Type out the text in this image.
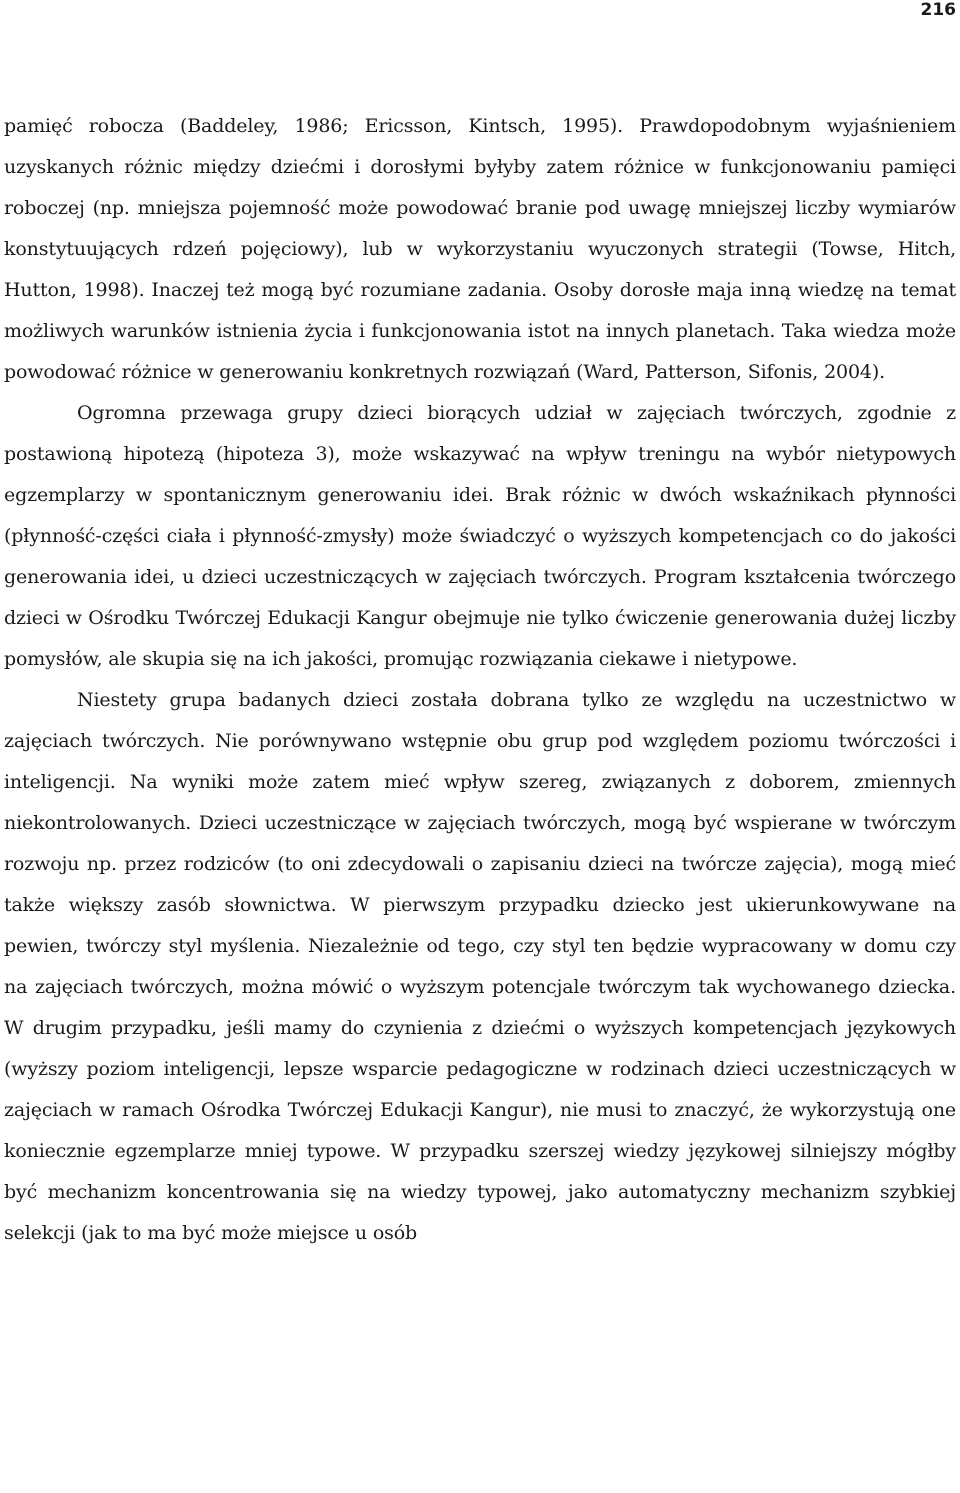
216

pamięć robocza (Baddeley, 1986; Ericsson, Kintsch, 1995). Prawdopodobnym wyjaśnieniem uzyskanych różnic między dziećmi i dorosłymi byłyby zatem różnice w funkcjonowaniu pamięci roboczej (np. mniejsza pojemność może powodować branie pod uwagę mniejszej liczby wymiarów konstytuujących rdzeń pojęciowy), lub w wykorzystaniu wyuczonych strategii (Towse, Hitch, Hutton, 1998). Inaczej też mogą być rozumiane zadania. Osoby dorosłe maja inną wiedzę na temat możliwych warunków istnienia życia i funkcjonowania istot na innych planetach. Taka wiedza może powodować różnice w generowaniu konkretnych rozwiązań (Ward, Patterson, Sifonis, 2004).

Ogromna przewaga grupy dzieci biorących udział w zajęciach twórczych, zgodnie z postawioną hipotezą (hipoteza 3), może wskazywać na wpływ treningu na wybór nietypowych egzemplarzy w spontanicznym generowaniu idei. Brak różnic w dwóch wskaźnikach płynności (płynność-części ciała i płynność-zmysły) może świadczyć o wyższych kompetencjach co do jakości generowania idei, u dzieci uczestniczących w zajęciach twórczych. Program kształcenia twórczego dzieci w Ośrodku Twórczej Edukacji Kangur obejmuje nie tylko ćwiczenie generowania dużej liczby pomysłów, ale skupia się na ich jakości, promując rozwiązania ciekawe i nietypowe.

Niestety grupa badanych dzieci została dobrana tylko ze względu na uczestnictwo w zajęciach twórczych. Nie porównywano wstępnie obu grup pod względem poziomu twórczości i inteligencji. Na wyniki może zatem mieć wpływ szereg, związanych z doborem, zmiennych niekontrolowanych. Dzieci uczestniczące w zajęciach twórczych, mogą być wspierane w twórczym rozwoju np. przez rodziców (to oni zdecydowali o zapisaniu dzieci na twórcze zajęcia), mogą mieć także większy zasób słownictwa. W pierwszym przypadku dziecko jest ukierunkowywane na pewien, twórczy styl myślenia. Niezależnie od tego, czy styl ten będzie wypracowany w domu czy na zajęciach twórczych, można mówić o wyższym potencjale twórczym tak wychowanego dziecka. W drugim przypadku, jeśli mamy do czynienia z dziećmi o wyższych kompetencjach językowych (wyższy poziom inteligencji, lepsze wsparcie pedagogiczne w rodzinach dzieci uczestniczących w zajęciach w ramach Ośrodka Twórczej Edukacji Kangur), nie musi to znaczyć, że wykorzystują one koniecznie egzemplarze mniej typowe. W przypadku szerszej wiedzy językowej silniejszy mógłby być mechanizm koncentrowania się na wiedzy typowej, jako automatyczny mechanizm szybkiej selekcji (jak to ma być może miejsce u osób
